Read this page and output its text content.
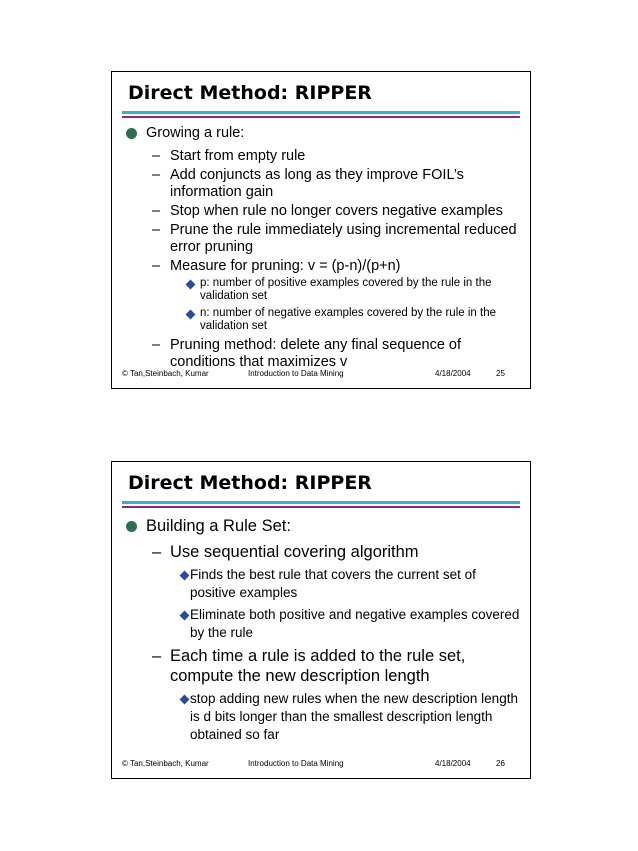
Direct Method: RIPPER
Growing a rule:
– Start from empty rule
– Add conjuncts as long as they improve FOIL’s information gain
– Stop when rule no longer covers negative examples
– Prune the rule immediately using incremental reduced error pruning
– Measure for pruning: v = (p-n)/(p+n)
p: number of positive examples covered by the rule in the validation set
n: number of negative examples covered by the rule in the validation set
– Pruning method: delete any final sequence of conditions that maximizes v
© Tan,Steinbach, Kumar	Introduction to Data Mining	4/18/2004	25
Direct Method: RIPPER
Building a Rule Set:
– Use sequential covering algorithm
Finds the best rule that covers the current set of positive examples
Eliminate both positive and negative examples covered by the rule
– Each time a rule is added to the rule set, compute the new description length
stop adding new rules when the new description length is d bits longer than the smallest description length obtained so far
© Tan,Steinbach, Kumar	Introduction to Data Mining	4/18/2004	26
